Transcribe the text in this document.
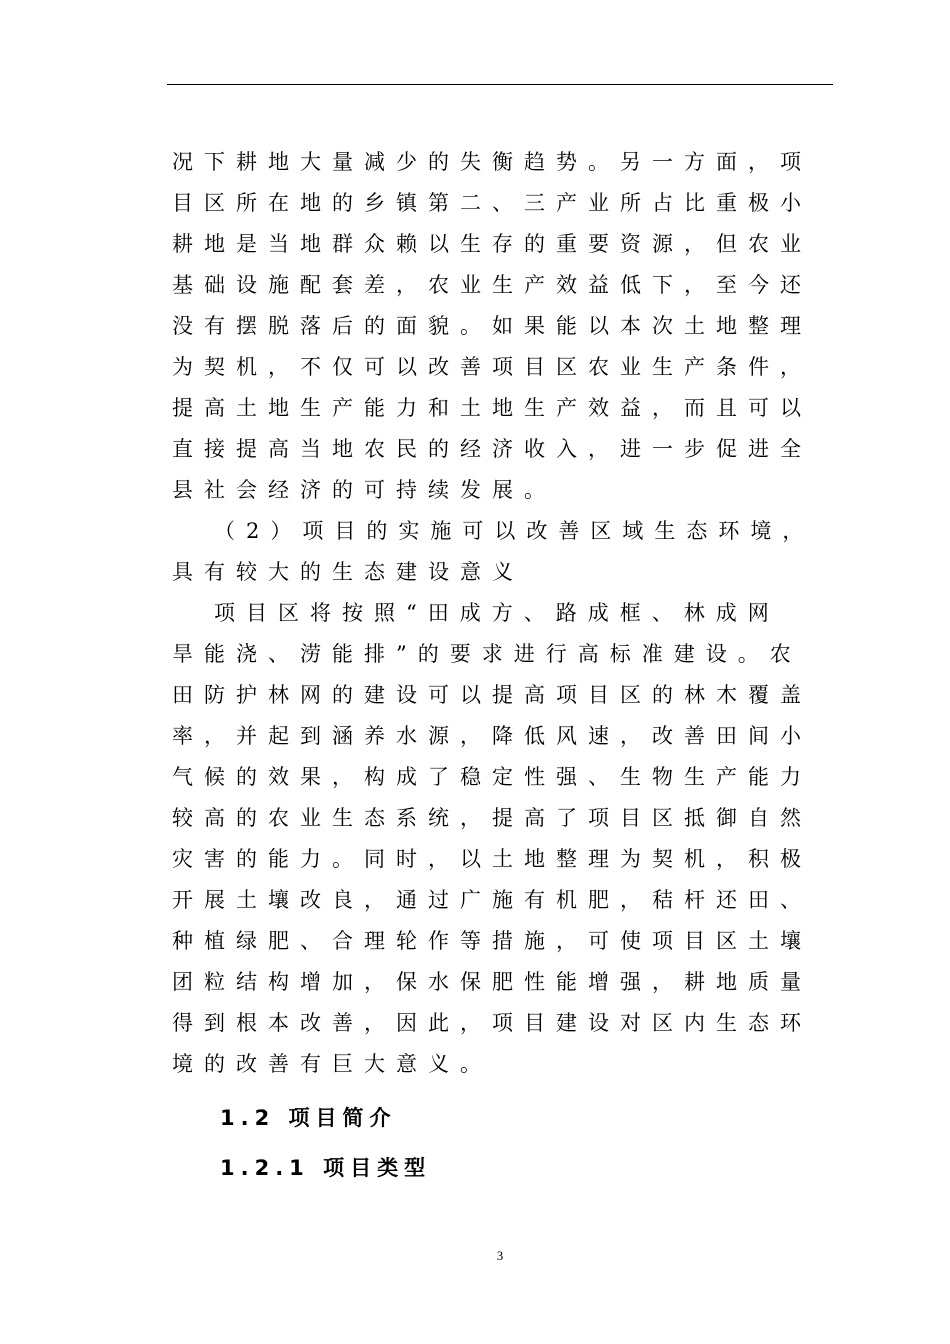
况下耕地大量减少的失衡趋势。另一方面，项
目区所在地的乡镇第二、三产业所占比重极小
耕地是当地群众赖以生存的重要资源，但农业
基础设施配套差，农业生产效益低下，至今还
没有摆脱落后的面貌。如果能以本次土地整理
为契机，不仅可以改善项目区农业生产条件，
提高土地生产能力和土地生产效益，而且可以
直接提高当地农民的经济收入，进一步促进全
县社会经济的可持续发展。
（2）项目的实施可以改善区域生态环境，
具有较大的生态建设意义
项目区将按照“田成方、路成框、林成网
旱能浇、涝能排”的要求进行高标准建设。农
田防护林网的建设可以提高项目区的林木覆盖
率，并起到涵养水源，降低风速，改善田间小
气候的效果，构成了稳定性强、生物生产能力
较高的农业生态系统，提高了项目区抵御自然
灾害的能力。同时，以土地整理为契机，积极
开展土壤改良，通过广施有机肥，秸杆还田、
种植绿肥、合理轮作等措施，可使项目区土壤
团粒结构增加，保水保肥性能增强，耕地质量
得到根本改善，因此，项目建设对区内生态环
境的改善有巨大意义。
1.2 项目简介
1.2.1 项目类型
3
